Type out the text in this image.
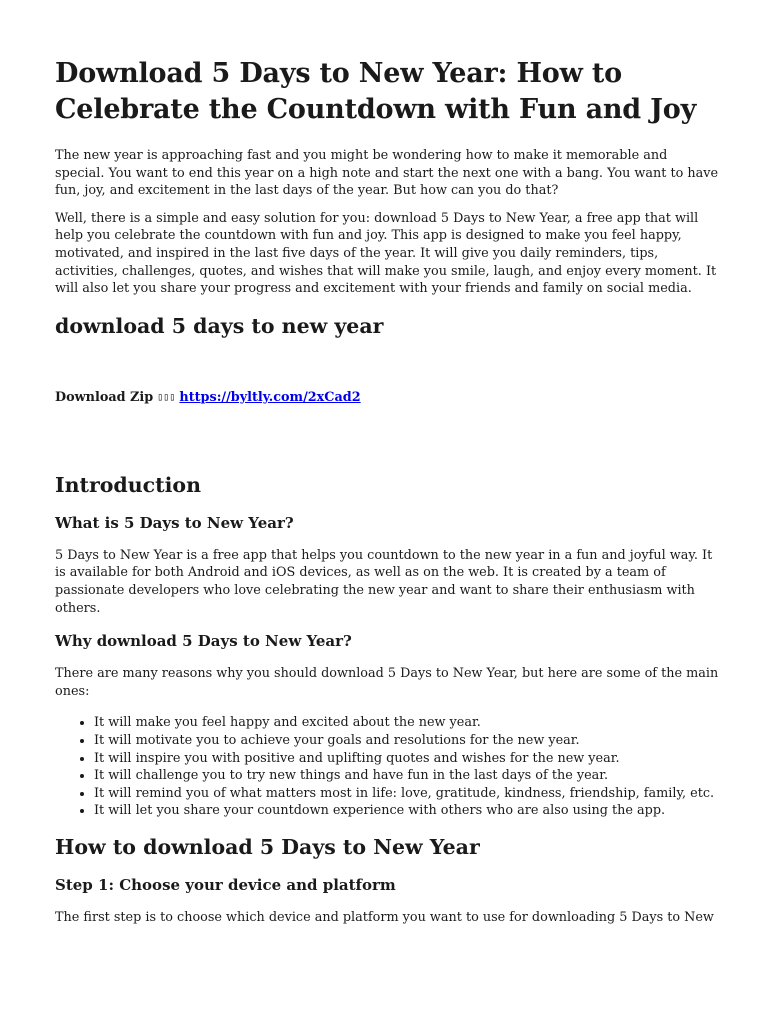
Download 5 Days to New Year: How to Celebrate the Countdown with Fun and Joy

The new year is approaching fast and you might be wondering how to make it memorable and special. You want to end this year on a high note and start the next one with a bang. You want to have fun, joy, and excitement in the last days of the year. But how can you do that?

Well, there is a simple and easy solution for you: download 5 Days to New Year, a free app that will help you celebrate the countdown with fun and joy. This app is designed to make you feel happy, motivated, and inspired in the last five days of the year. It will give you daily reminders, tips, activities, challenges, quotes, and wishes that will make you smile, laugh, and enjoy every moment. It will also let you share your progress and excitement with your friends and family on social media.

download 5 days to new year
Download Zip ▯▯▯ https://byltly.com/2xCad2
Introduction
What is 5 Days to New Year?

5 Days to New Year is a free app that helps you countdown to the new year in a fun and joyful way. It is available for both Android and iOS devices, as well as on the web. It is created by a team of passionate developers who love celebrating the new year and want to share their enthusiasm with others.

Why download 5 Days to New Year?

There are many reasons why you should download 5 Days to New Year, but here are some of the main ones:

• It will make you feel happy and excited about the new year.
• It will motivate you to achieve your goals and resolutions for the new year.
• It will inspire you with positive and uplifting quotes and wishes for the new year.
• It will challenge you to try new things and have fun in the last days of the year.
• It will remind you of what matters most in life: love, gratitude, kindness, friendship, family, etc.
• It will let you share your countdown experience with others who are also using the app.
How to download 5 Days to New Year
Step 1: Choose your device and platform

The first step is to choose which device and platform you want to use for downloading 5 Days to New
